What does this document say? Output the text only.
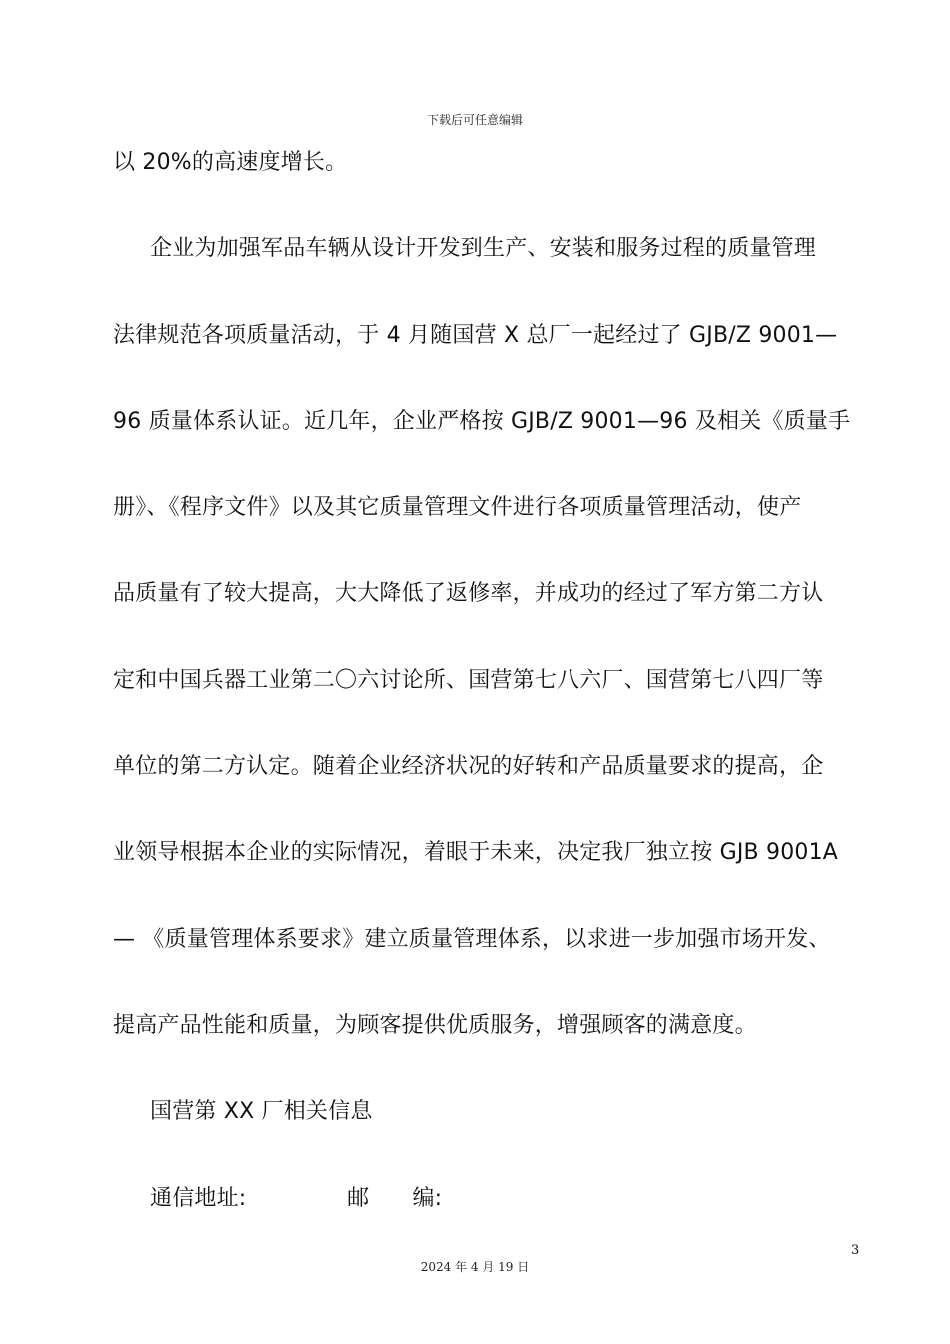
下载后可任意编辑
以 20%的高速度增长。
企业为加强军品车辆从设计开发到生产、安装和服务过程的质量管理
法律规范各项质量活动，于 4 月随国营 X 总厂一起经过了 GJB/Z 9001—
96 质量体系认证。近几年，企业严格按 GJB/Z 9001—96 及相关《质量手
册》、《程序文件》以及其它质量管理文件进行各项质量管理活动，使产
品质量有了较大提高，大大降低了返修率，并成功的经过了军方第二方认
定和中国兵器工业第二〇六讨论所、国营第七八六厂、国营第七八四厂等
单位的第二方认定。随着企业经济状况的好转和产品质量要求的提高，企
业领导根据本企业的实际情况，着眼于未来，决定我厂独立按 GJB 9001A
— 《质量管理体系要求》建立质量管理体系，以求进一步加强市场开发、
提高产品性能和质量，为顾客提供优质服务，增强顾客的满意度。
国营第 XX 厂相关信息
通信地址:              邮      编:
3
2024 年 4 月 19 日
